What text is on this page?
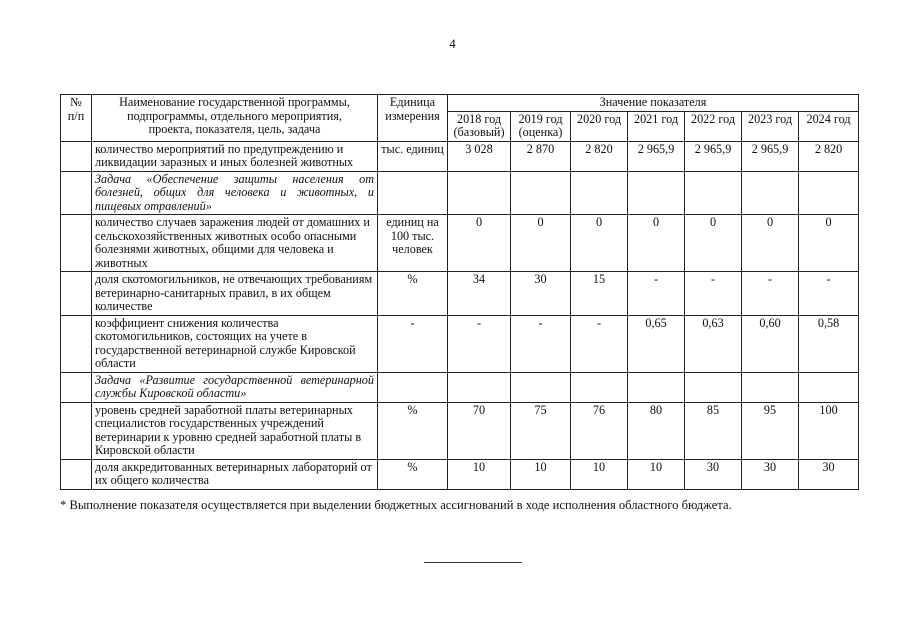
4
№ п/п	Наименование государственной программы, подпрограммы, отдельного мероприятия, проекта, показателя, цель, задача	Единица измерения	Значение показателя						
			2018 год (базовый)	2019 год (оценка)	2020 год	2021 год	2022 год	2023 год	2024 год
	количество мероприятий по предупреждению и ликвидации заразных и иных болезней животных	тыс. единиц	3 028	2 870	2 820	2 965,9	2 965,9	2 965,9	2 820
	Задача «Обеспечение защиты населения от болезней, общих для человека и животных, и пищевых отравлений»								
	количество случаев заражения людей от домашних и сельскохозяйственных животных особо опасными болезнями животных, общими для человека и животных	единиц на 100 тыс. человек	0	0	0	0	0	0	0
	доля скотомогильников, не отвечающих требованиям ветеринарно-санитарных правил, в их общем количестве	%	34	30	15	-	-	-	-
	коэффициент снижения количества скотомогильников, состоящих на учете в государственной ветеринарной службе Кировской области	-	-	-	-	0,65	0,63	0,60	0,58
	Задача «Развитие государственной ветеринарной службы Кировской области»								
	уровень средней заработной платы ветеринарных специалистов государственных учреждений ветеринарии к уровню средней заработной платы в Кировской области	%	70	75	76	80	85	95	100
	доля аккредитованных ветеринарных лабораторий от их общего количества	%	10	10	10	10	30	30	30
* Выполнение показателя осуществляется при выделении бюджетных ассигнований в ходе исполнения областного бюджета.
